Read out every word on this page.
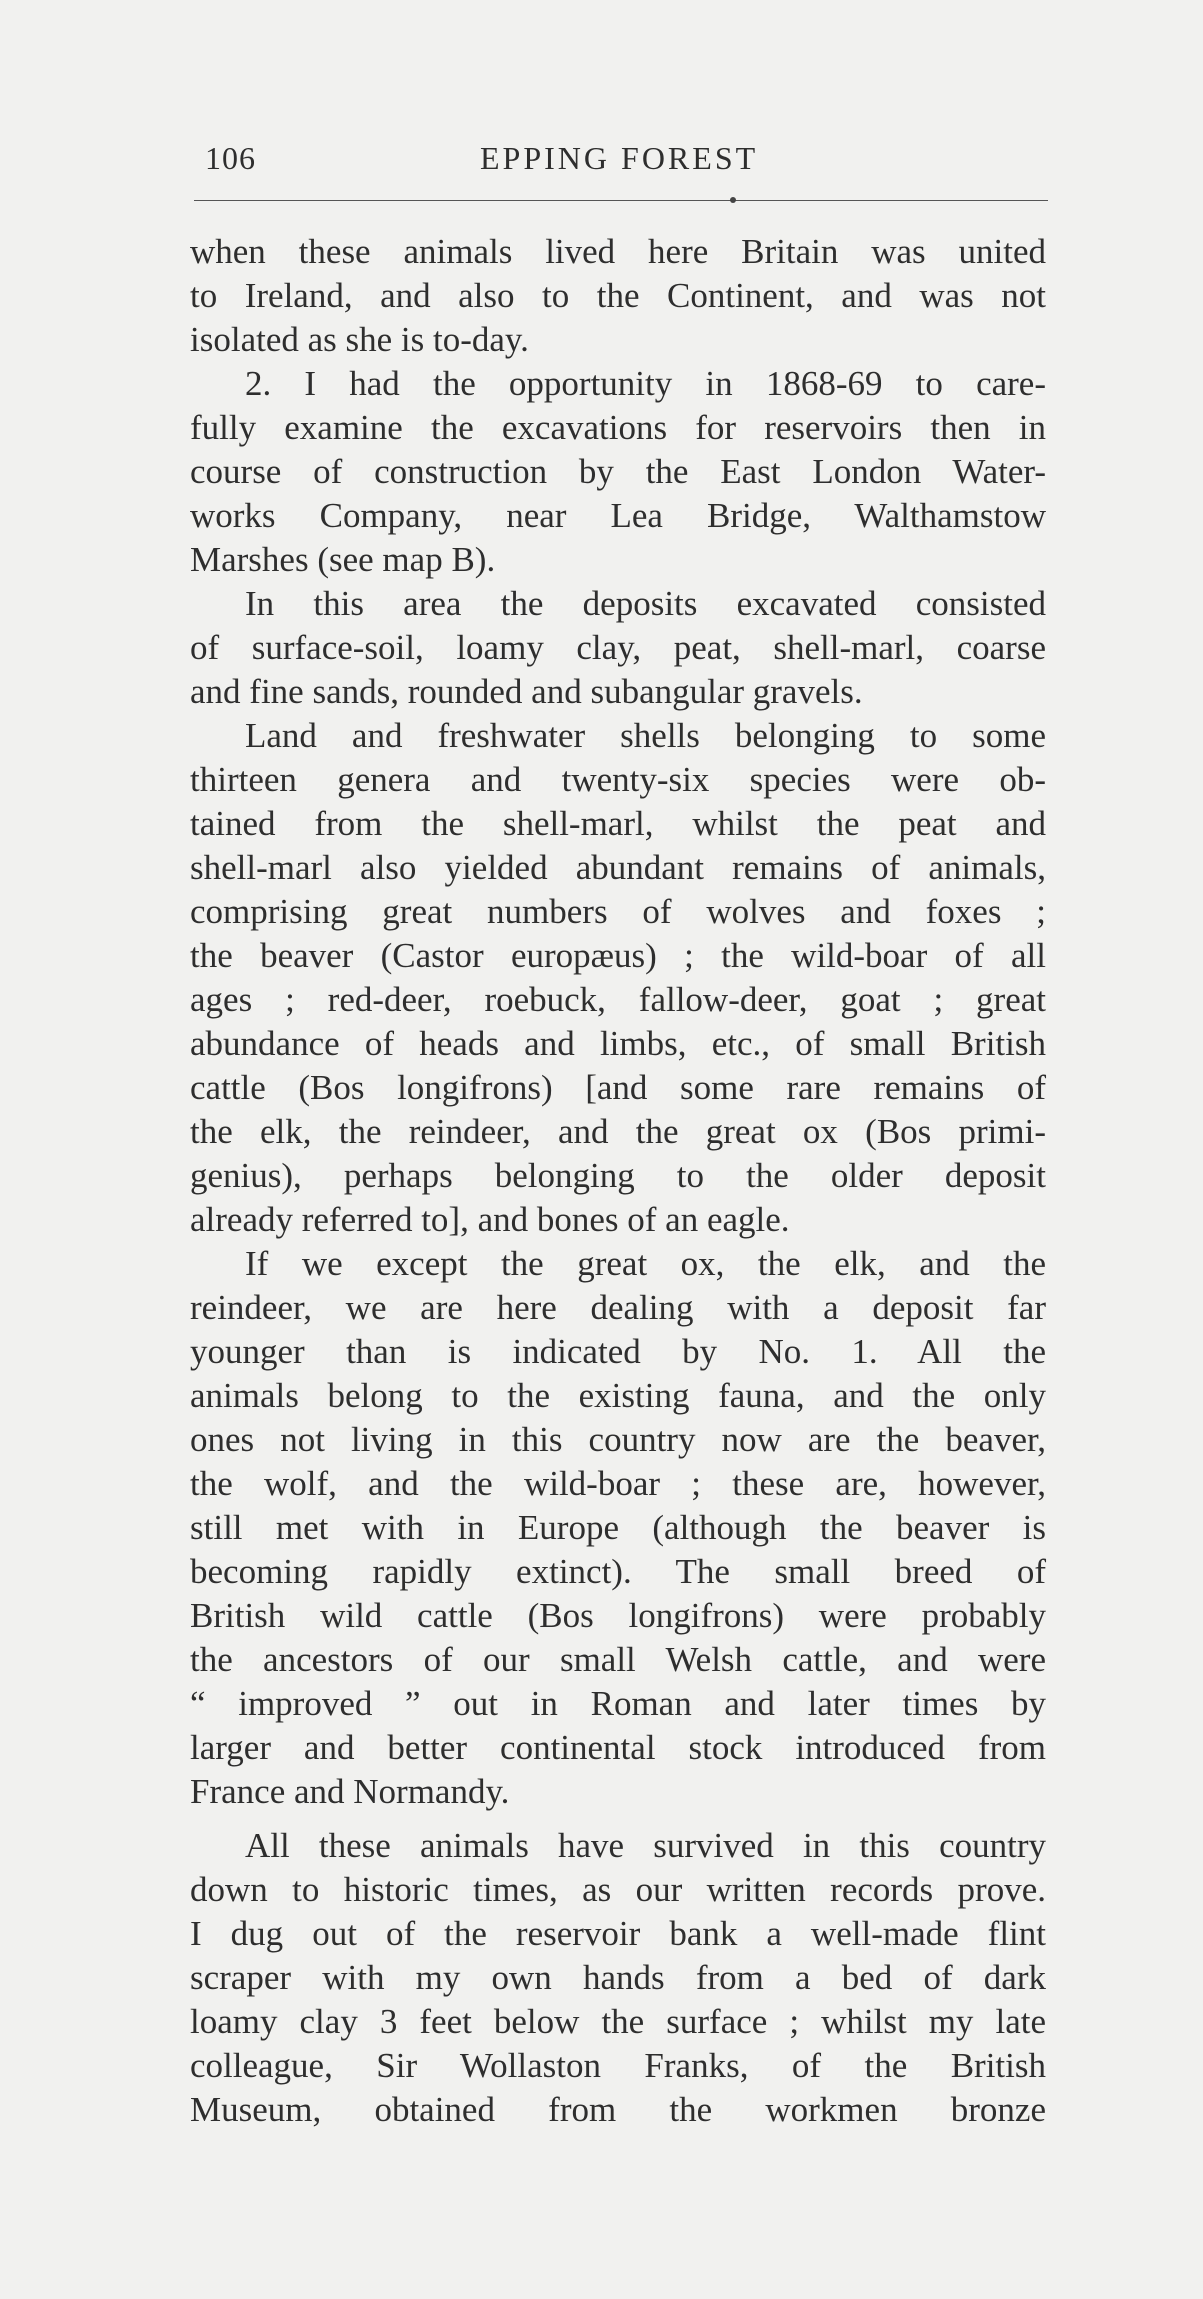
106	EPPING FOREST
when these animals lived here Britain was united
to Ireland, and also to the Continent, and was not
isolated as she is to-day.
2. I had the opportunity in 1868-69 to care-
fully examine the excavations for reservoirs then in
course of construction by the East London Water-
works Company, near Lea Bridge, Walthamstow
Marshes (see map B).
In this area the deposits excavated consisted
of surface-soil, loamy clay, peat, shell-marl, coarse
and fine sands, rounded and subangular gravels.
Land and freshwater shells belonging to some
thirteen genera and twenty-six species were ob-
tained from the shell-marl, whilst the peat and
shell-marl also yielded abundant remains of animals,
comprising great numbers of wolves and foxes ;
the beaver (Castor europæus) ; the wild-boar of all
ages ; red-deer, roebuck, fallow-deer, goat ; great
abundance of heads and limbs, etc., of small British
cattle (Bos longifrons) [and some rare remains of
the elk, the reindeer, and the great ox (Bos primi-
genius), perhaps belonging to the older deposit
already referred to], and bones of an eagle.
If we except the great ox, the elk, and the
reindeer, we are here dealing with a deposit far
younger than is indicated by No. 1. All the
animals belong to the existing fauna, and the only
ones not living in this country now are the beaver,
the wolf, and the wild-boar ; these are, however,
still met with in Europe (although the beaver is
becoming rapidly extinct). The small breed of
British wild cattle (Bos longifrons) were probably
the ancestors of our small Welsh cattle, and were
“ improved ” out in Roman and later times by
larger and better continental stock introduced from
France and Normandy.
All these animals have survived in this country
down to historic times, as our written records prove.
I dug out of the reservoir bank a well-made flint
scraper with my own hands from a bed of dark
loamy clay 3 feet below the surface ; whilst my late
colleague, Sir Wollaston Franks, of the British
Museum, obtained from the workmen bronze
